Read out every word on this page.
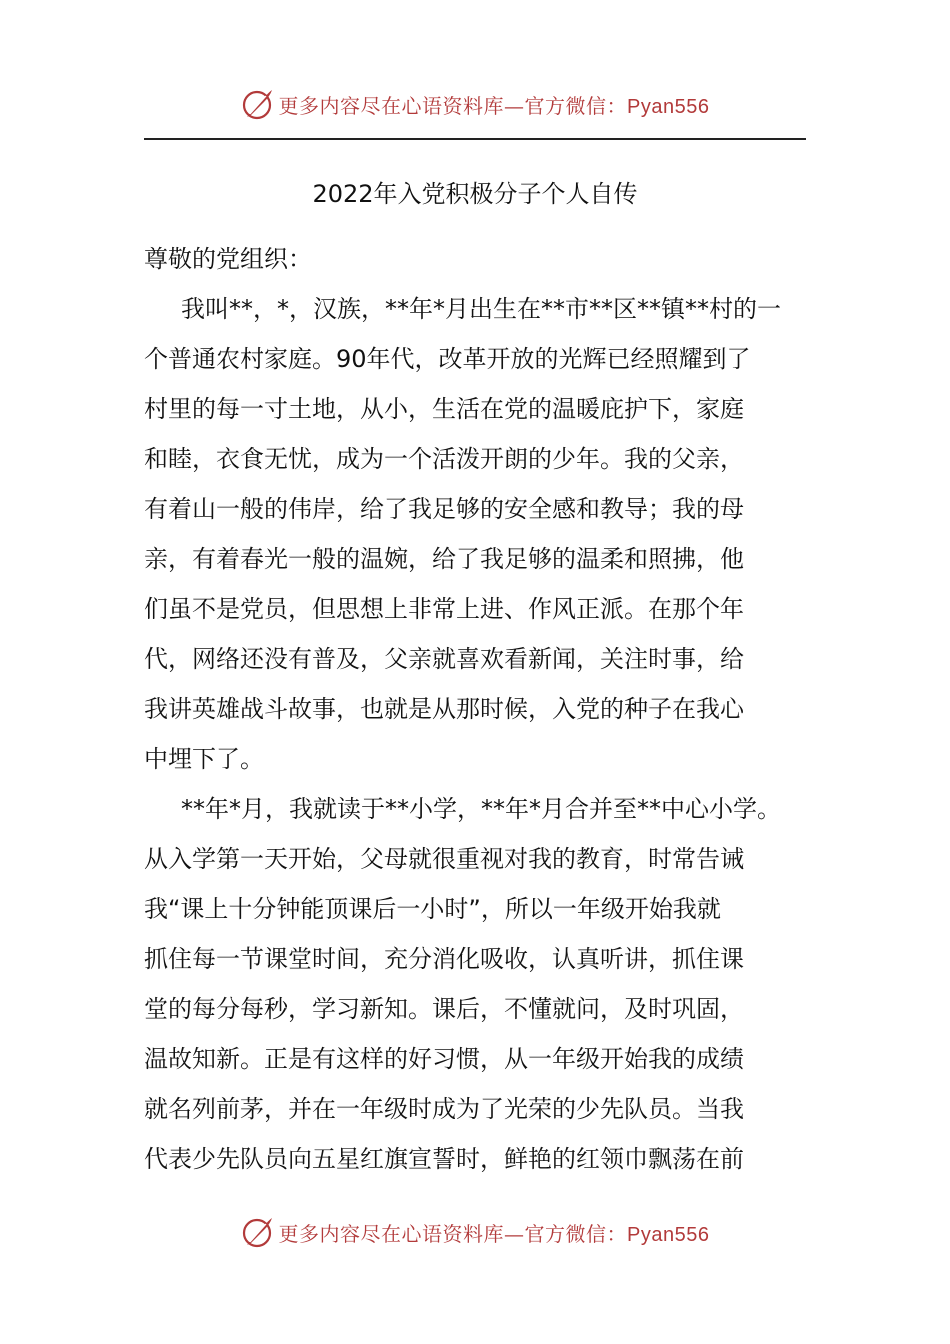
更多内容尽在心语资料库—官方微信：Pyan556
2022年入党积极分子个人自传
尊敬的党组织：
我叫**，*，汉族，**年*月出生在**市**区**镇**村的一
个普通农村家庭。90年代，改革开放的光辉已经照耀到了
村里的每一寸土地，从小，生活在党的温暖庇护下，家庭
和睦，衣食无忧，成为一个活泼开朗的少年。我的父亲，
有着山一般的伟岸，给了我足够的安全感和教导；我的母
亲，有着春光一般的温婉，给了我足够的温柔和照拂，他
们虽不是党员，但思想上非常上进、作风正派。在那个年
代，网络还没有普及，父亲就喜欢看新闻，关注时事，给
我讲英雄战斗故事，也就是从那时候，入党的种子在我心
中埋下了。
**年*月，我就读于**小学，**年*月合并至**中心小学。
从入学第一天开始，父母就很重视对我的教育，时常告诫
我“课上十分钟能顶课后一小时”，所以一年级开始我就
抓住每一节课堂时间，充分消化吸收，认真听讲，抓住课
堂的每分每秒，学习新知。课后，不懂就问，及时巩固，
温故知新。正是有这样的好习惯，从一年级开始我的成绩
就名列前茅，并在一年级时成为了光荣的少先队员。当我
代表少先队员向五星红旗宣誓时，鲜艳的红领巾飘荡在前
更多内容尽在心语资料库—官方微信：Pyan556
